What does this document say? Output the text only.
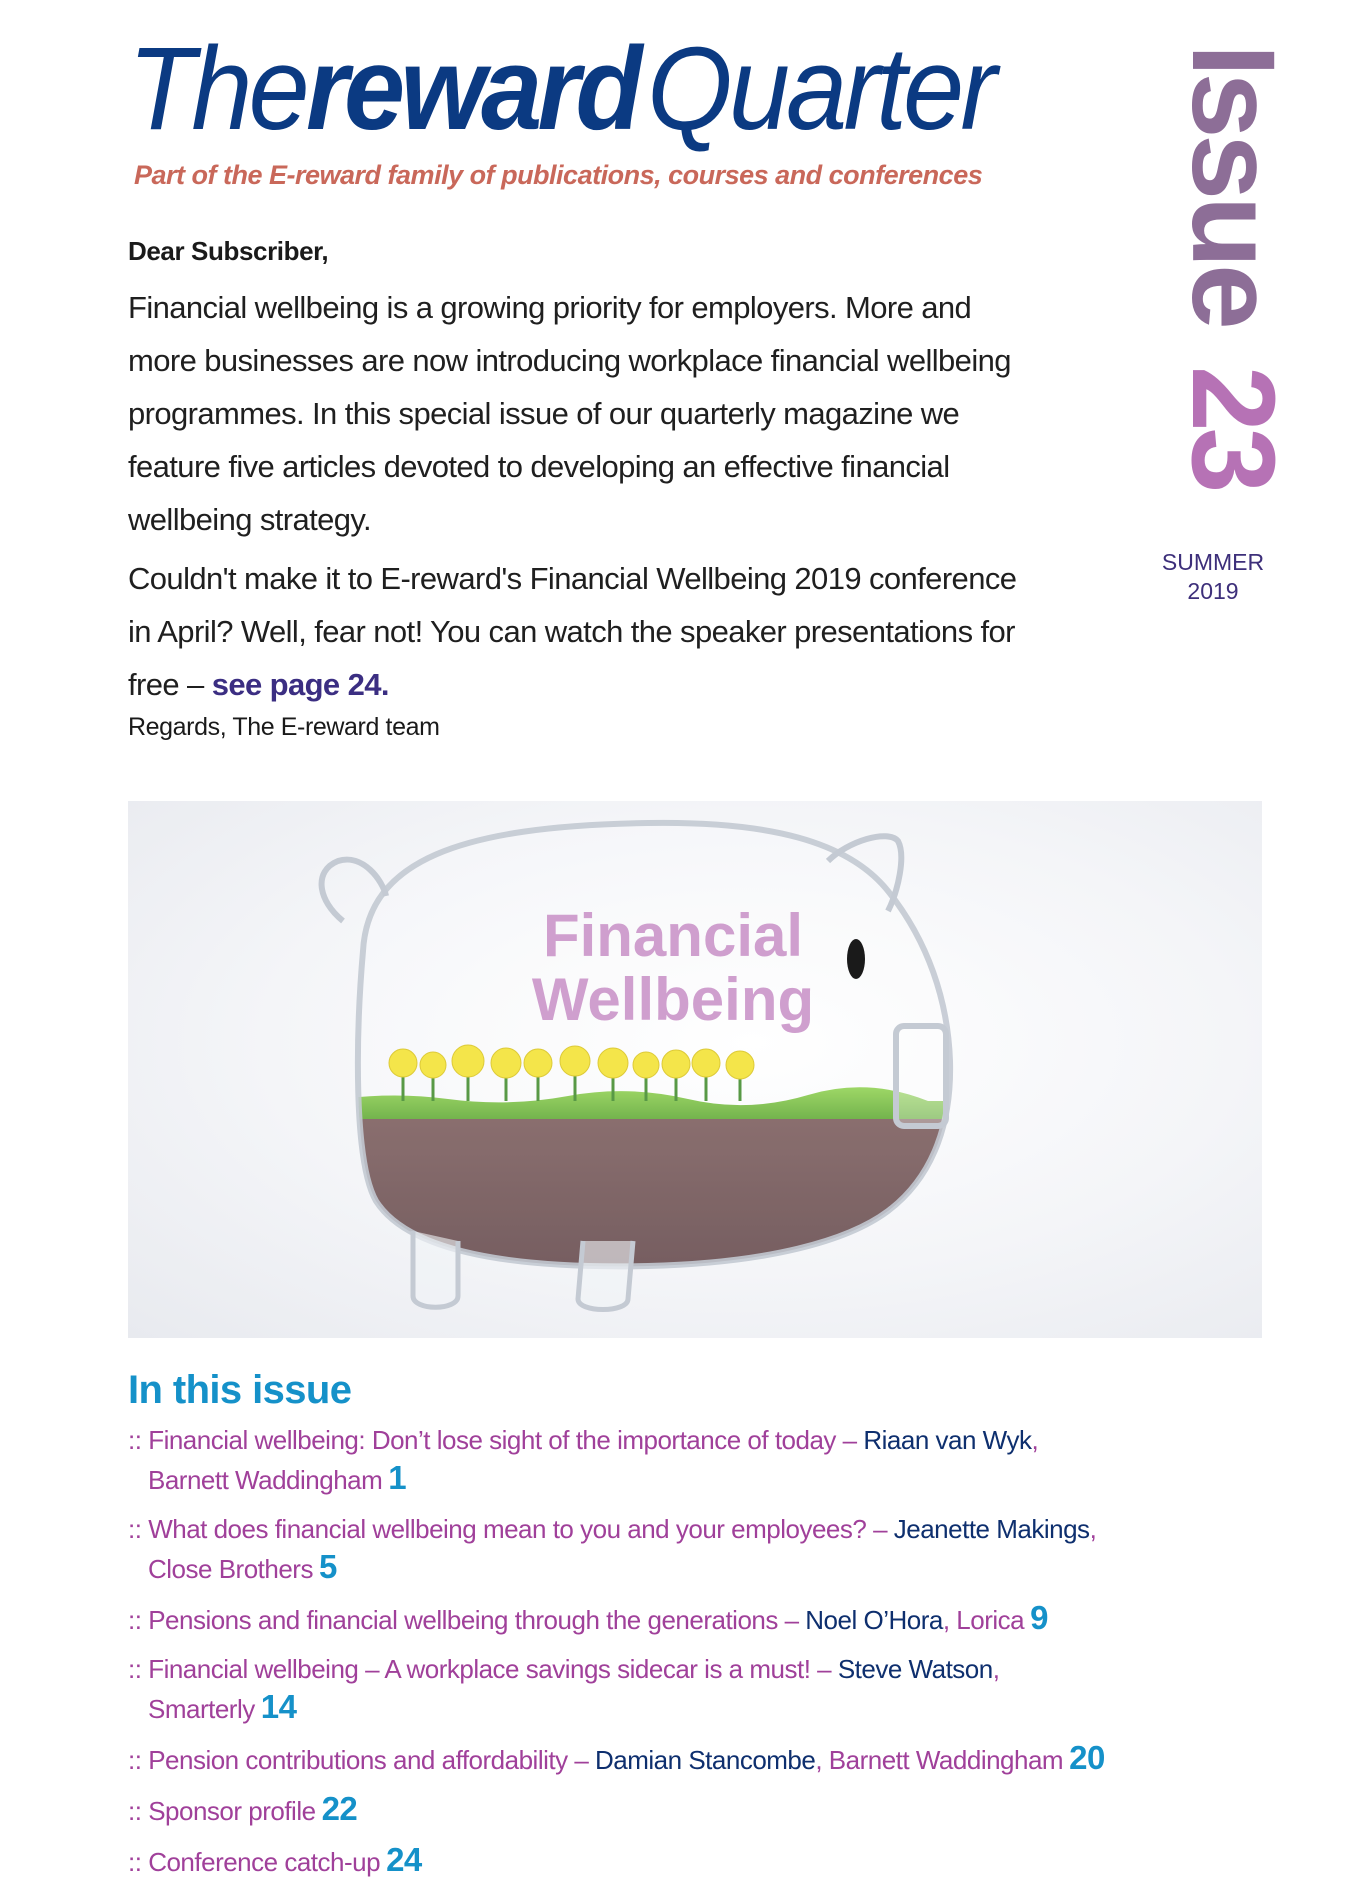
TherewardQuarter
Part of the E-reward family of publications, courses and conferences Issue
23
SUMMER
2019

Dear Subscriber,

Financial wellbeing is a growing priority for employers. More and more businesses are now introducing workplace financial wellbeing programmes. In this special issue of our quarterly magazine we feature five articles devoted to developing an effective financial wellbeing strategy.

Couldn't make it to E-reward's Financial Wellbeing 2019 conference in April? Well, fear not! You can watch the speaker presentations for free – see page 24.

Regards, The E-reward team
Financial
Wellbeing
In this issue
:: Financial wellbeing: Don’t lose sight of the importance of today – Riaan van Wyk,
Barnett Waddingham 1
:: What does financial wellbeing mean to you and your employees? – Jeanette Makings,
Close Brothers 5
:: Pensions and financial wellbeing through the generations – Noel O’Hora, Lorica 9
:: Financial wellbeing – A workplace savings sidecar is a must! – Steve Watson,
Smarterly 14
:: Pension contributions and affordability – Damian Stancombe, Barnett Waddingham 20
:: Sponsor profile 22
:: Conference catch-up 24
